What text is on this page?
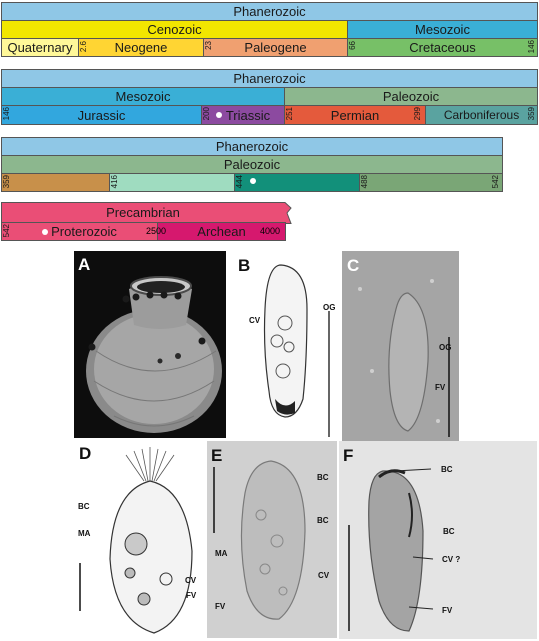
Phanerozoic
Cenozoic	Mesozoic
Quaternary	Neogene	Paleogene	Cretaceous
2.6	23	66	146
Phanerozoic
Mesozoic	Paleozoic
Jurassic	Triassic	Permian	Carboniferous
146	200	251	299	359
Phanerozoic
Paleozoic
359	416	444	488	542
Precambrian
Proterozoic	Archean
542	2500	4000
A	B
CV
OG
C
OG
FV
D
BC
MA
CV
FV
E
BC
BC
MA
CV
FV
F
BC
BC
CV ?
FV
